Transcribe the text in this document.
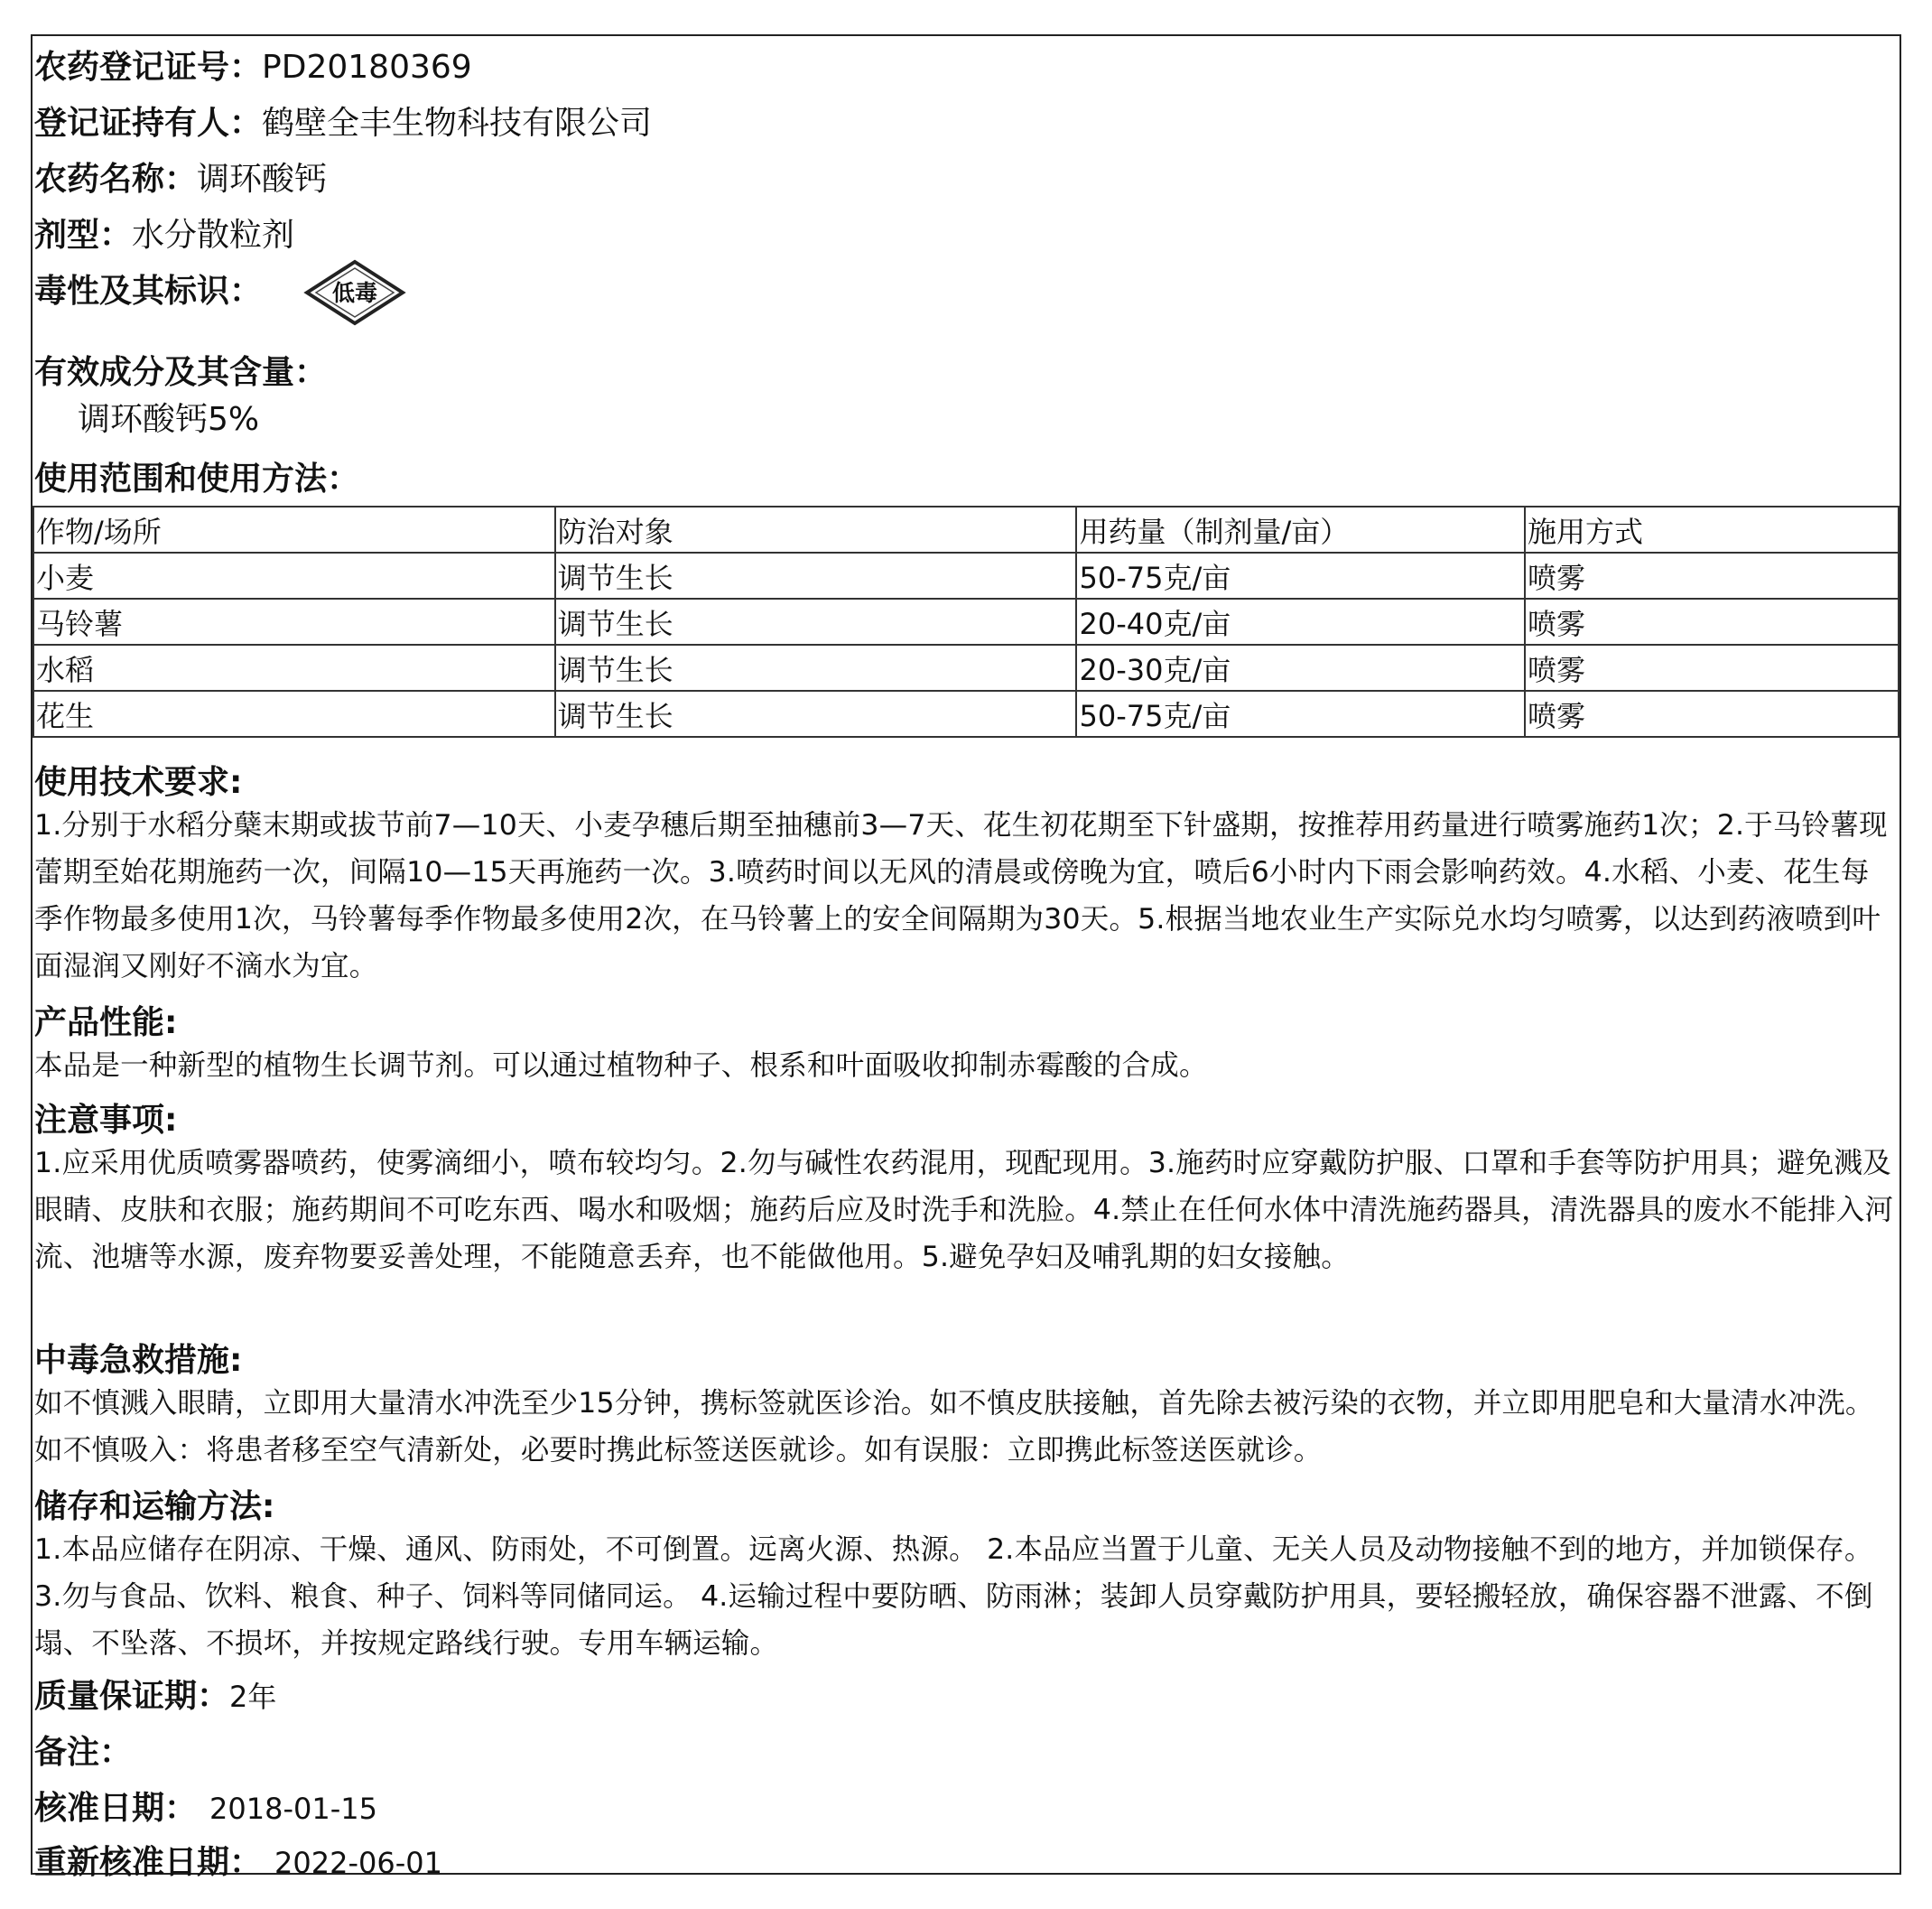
农药登记证号：PD20180369
登记证持有人：鹤壁全丰生物科技有限公司
农药名称：调环酸钙
剂型：水分散粒剂
毒性及其标识：	低毒
有效成分及其含量：
调环酸钙5%
使用范围和使用方法：
作物/场所	防治对象	用药量（制剂量/亩）	施用方式
小麦	调节生长	50-75克/亩	喷雾
马铃薯	调节生长	20-40克/亩	喷雾
水稻	调节生长	20-30克/亩	喷雾
花生	调节生长	50-75克/亩	喷雾
使用技术要求:
1.分别于水稻分蘖末期或拔节前7—10天、小麦孕穗后期至抽穗前3—7天、花生初花期至下针盛期，按推荐用药量进行喷雾施药1次；2.于马铃薯现蕾期至始花期施药一次，间隔10—15天再施药一次。3.喷药时间以无风的清晨或傍晚为宜，喷后6小时内下雨会影响药效。4.水稻、小麦、花生每季作物最多使用1次，马铃薯每季作物最多使用2次，在马铃薯上的安全间隔期为30天。5.根据当地农业生产实际兑水均匀喷雾，以达到药液喷到叶面湿润又刚好不滴水为宜。
产品性能:
本品是一种新型的植物生长调节剂。可以通过植物种子、根系和叶面吸收抑制赤霉酸的合成。
注意事项:
1.应采用优质喷雾器喷药，使雾滴细小，喷布较均匀。2.勿与碱性农药混用，现配现用。3.施药时应穿戴防护服、口罩和手套等防护用具；避免溅及眼睛、皮肤和衣服；施药期间不可吃东西、喝水和吸烟；施药后应及时洗手和洗脸。4.禁止在任何水体中清洗施药器具，清洗器具的废水不能排入河流、池塘等水源，废弃物要妥善处理，不能随意丢弃，也不能做他用。5.避免孕妇及哺乳期的妇女接触。
中毒急救措施:
如不慎溅入眼睛，立即用大量清水冲洗至少15分钟，携标签就医诊治。如不慎皮肤接触，首先除去被污染的衣物，并立即用肥皂和大量清水冲洗。如不慎吸入：将患者移至空气清新处，必要时携此标签送医就诊。如有误服：立即携此标签送医就诊。
储存和运输方法:
1.本品应储存在阴凉、干燥、通风、防雨处，不可倒置。远离火源、热源。 2.本品应当置于儿童、无关人员及动物接触不到的地方，并加锁保存。 3.勿与食品、饮料、粮食、种子、饲料等同储同运。 4.运输过程中要防晒、防雨淋；装卸人员穿戴防护用具，要轻搬轻放，确保容器不泄露、不倒塌、不坠落、不损坏，并按规定路线行驶。专用车辆运输。
质量保证期：2年
备注：
核准日期： 2018-01-15
重新核准日期： 2022-06-01
